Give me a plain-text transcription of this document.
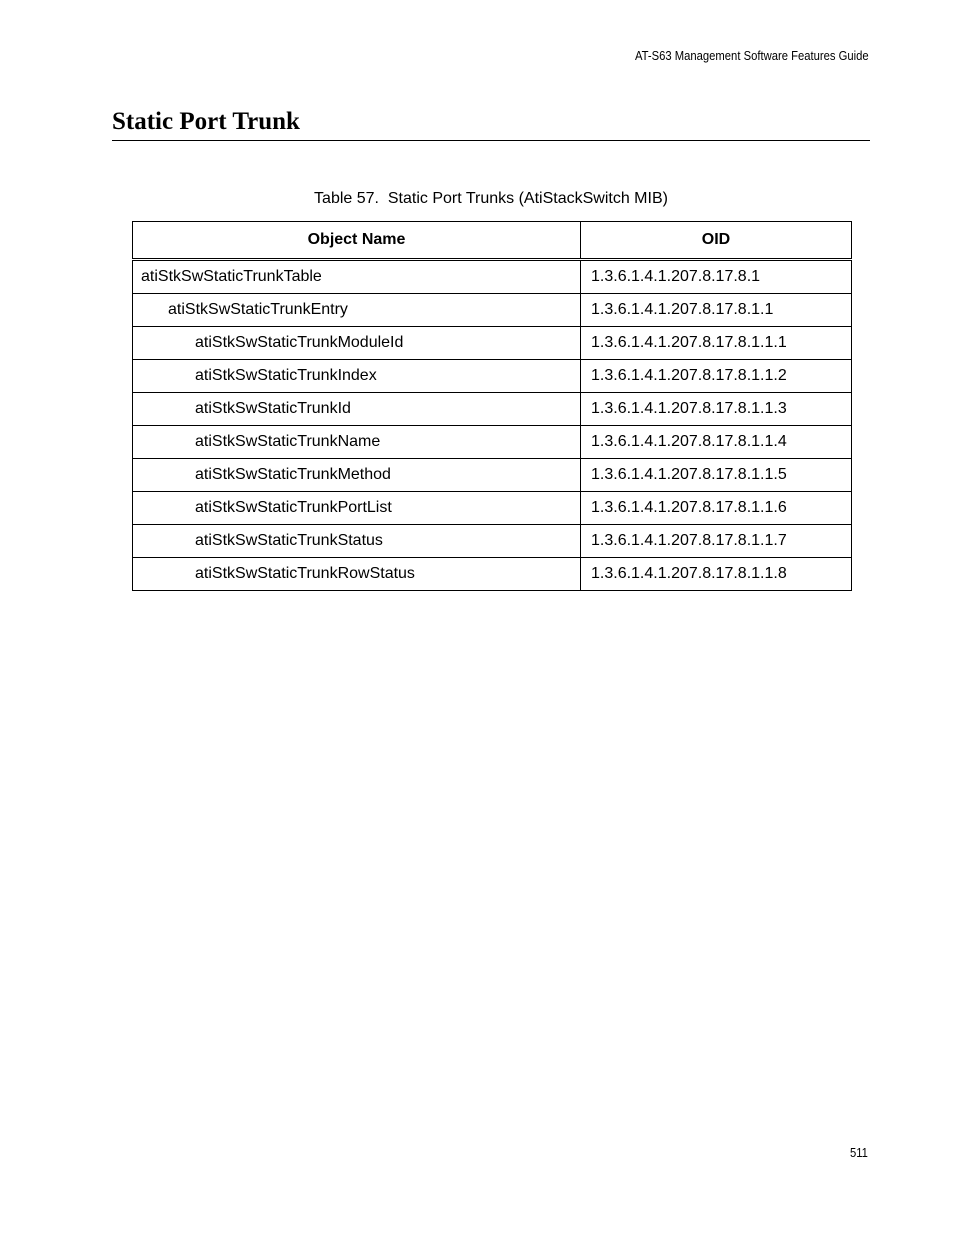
AT-S63 Management Software Features Guide
Static Port Trunk
Table 57.  Static Port Trunks (AtiStackSwitch MIB)
Object Name	OID
atiStkSwStaticTrunkTable	1.3.6.1.4.1.207.8.17.8.1
atiStkSwStaticTrunkEntry	1.3.6.1.4.1.207.8.17.8.1.1
atiStkSwStaticTrunkModuleId	1.3.6.1.4.1.207.8.17.8.1.1.1
atiStkSwStaticTrunkIndex	1.3.6.1.4.1.207.8.17.8.1.1.2
atiStkSwStaticTrunkId	1.3.6.1.4.1.207.8.17.8.1.1.3
atiStkSwStaticTrunkName	1.3.6.1.4.1.207.8.17.8.1.1.4
atiStkSwStaticTrunkMethod	1.3.6.1.4.1.207.8.17.8.1.1.5
atiStkSwStaticTrunkPortList	1.3.6.1.4.1.207.8.17.8.1.1.6
atiStkSwStaticTrunkStatus	1.3.6.1.4.1.207.8.17.8.1.1.7
atiStkSwStaticTrunkRowStatus	1.3.6.1.4.1.207.8.17.8.1.1.8
511
